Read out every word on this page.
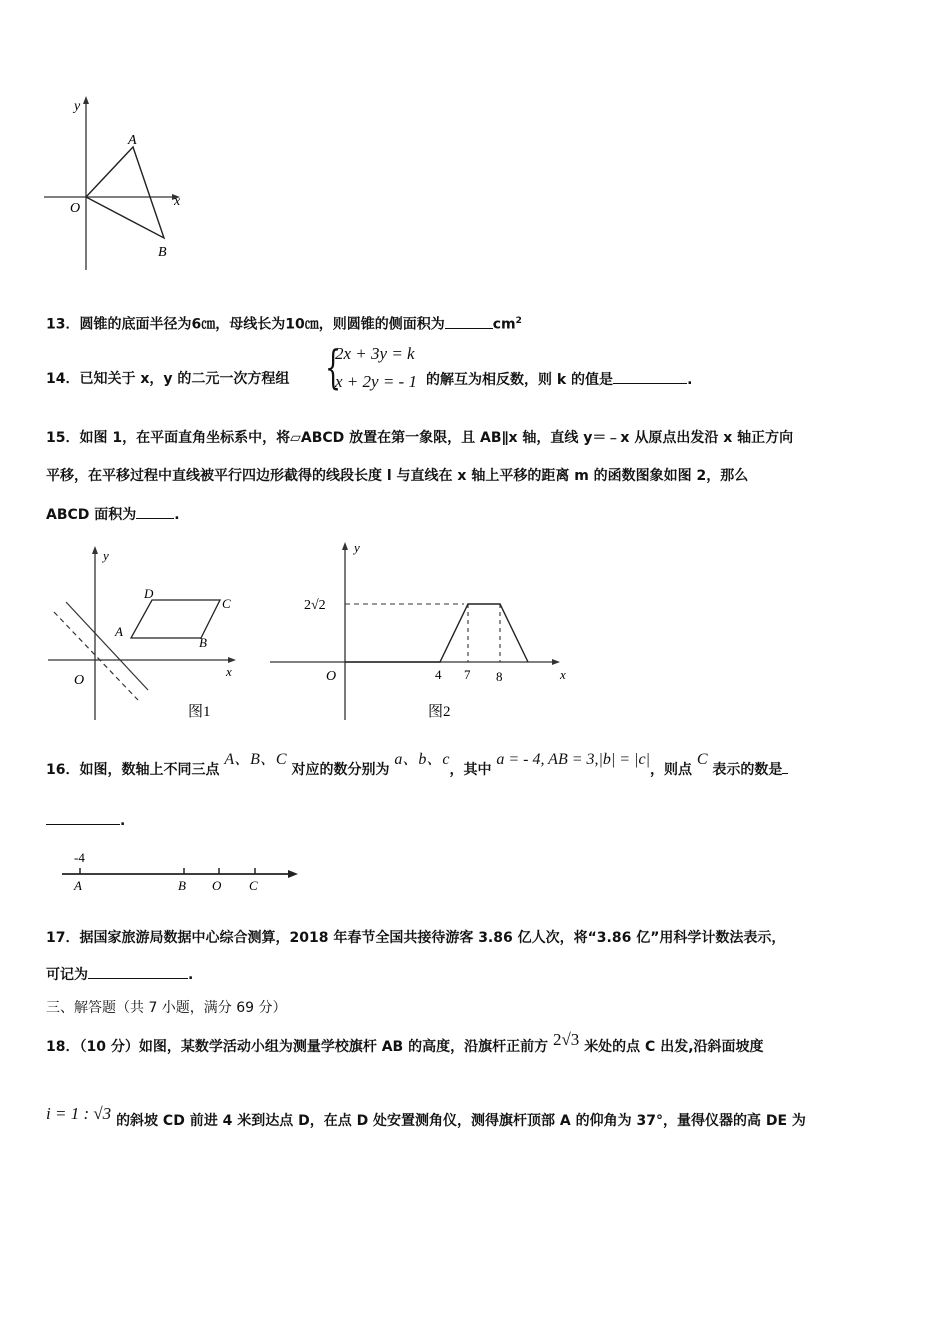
y
x
O
A
B
13．圆锥的底面半径为6㎝，母线长为10㎝，则圆锥的侧面积为	$cm^2$
14．已知关于 x，y 的二元一次方程组 {
2x + 3y = k
x + 2y = - 1 的解互为相反数，则 k 的值是	.
15．如图 1，在平面直角坐标系中，将▱ABCD 放置在第一象限，且 AB∥x 轴，直线 y＝﹣x 从原点出发沿 x 轴正方向
平移，在平移过程中直线被平行四边形截得的线段长度 l 与直线在 x 轴上平移的距离 m 的函数图象如图 2，那么
ABCD 面积为	.
y
x
O
A
B
C
D
图1
y
x
O
2√2
4 7 8
图2
16．如图，数轴上不同三点 A、B、C 对应的数分别为 a、b、c，其中 a = - 4, AB = 3,|b| = |c|，则点 C 表示的数是
.
-4
A	B O C
17．据国家旅游局数据中心综合测算，2018 年春节全国共接待游客 3.86 亿人次，将“3.86 亿”用科学计数法表示，
可记为	.
三、解答题（共 7 小题，满分 69 分）
18．（10 分）如图，某数学活动小组为测量学校旗杆 AB 的高度，沿旗杆正前方 2√3 米处的点 C 出发,沿斜面坡度
i = 1 : √3 的斜坡 CD 前进 4 米到达点 D，在点 D 处安置测角仪，测得旗杆顶部 A 的仰角为 37°，量得仪器的高 DE 为
